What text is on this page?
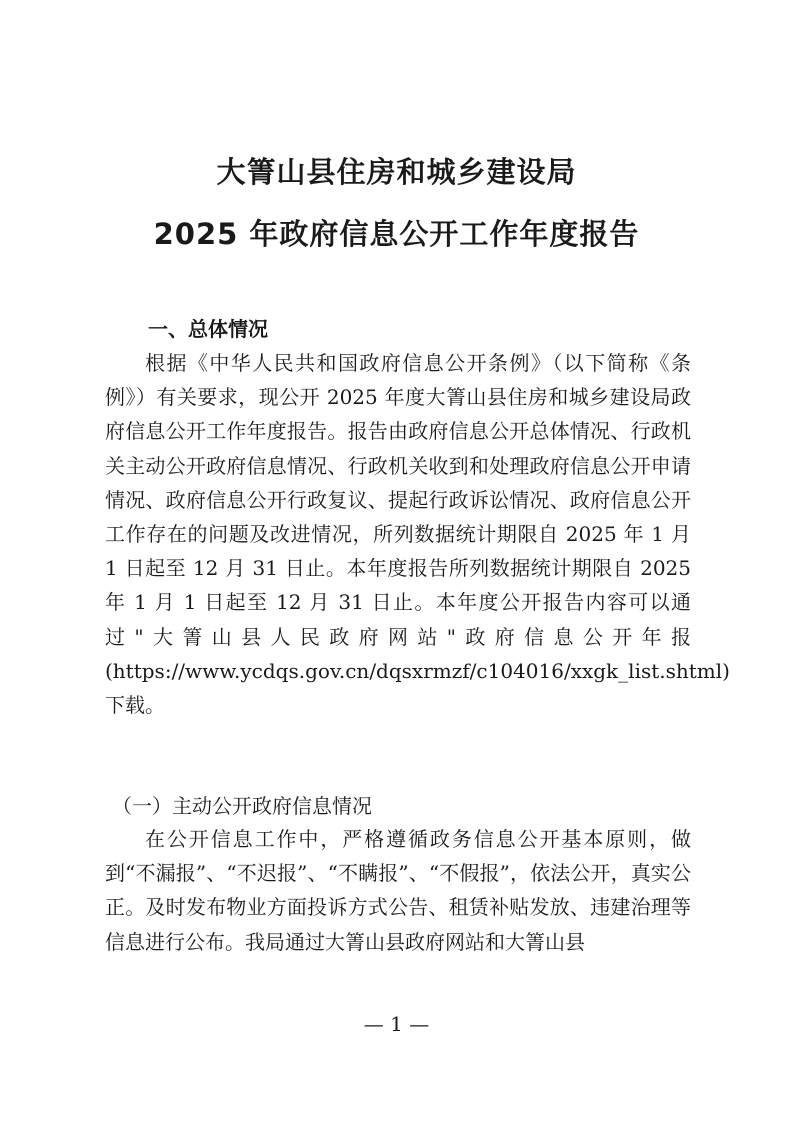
大箐山县住房和城乡建设局
2025 年政府信息公开工作年度报告
一、总体情况

根据《中华人民共和国政府信息公开条例》（以下简称《条例》）有关要求，现公开 2025 年度大箐山县住房和城乡建设局政府信息公开工作年度报告。报告由政府信息公开总体情况、行政机关主动公开政府信息情况、行政机关收到和处理政府信息公开申请情况、政府信息公开行政复议、提起行政诉讼情况、政府信息公开工作存在的问题及改进情况，所列数据统计期限自 2025 年 1 月 1 日起至 12 月 31 日止。本年度报告所列数据统计期限自 2025 年 1 月 1 日起至 12 月 31 日止。本年度公开报告内容可以通过"大箐山县人民政府网站"政府信息公开年报(https://www.ycdqs.gov.cn/dqsxrmzf/c104016/xxgk_list.shtml)下载。

（一）主动公开政府信息情况

在公开信息工作中，严格遵循政务信息公开基本原则，做到“不漏报”、“不迟报”、“不瞒报”、“不假报”，依法公开，真实公正。及时发布物业方面投诉方式公告、租赁补贴发放、违建治理等信息进行公布。我局通过大箐山县政府网站和大箐山县

— 1 —
